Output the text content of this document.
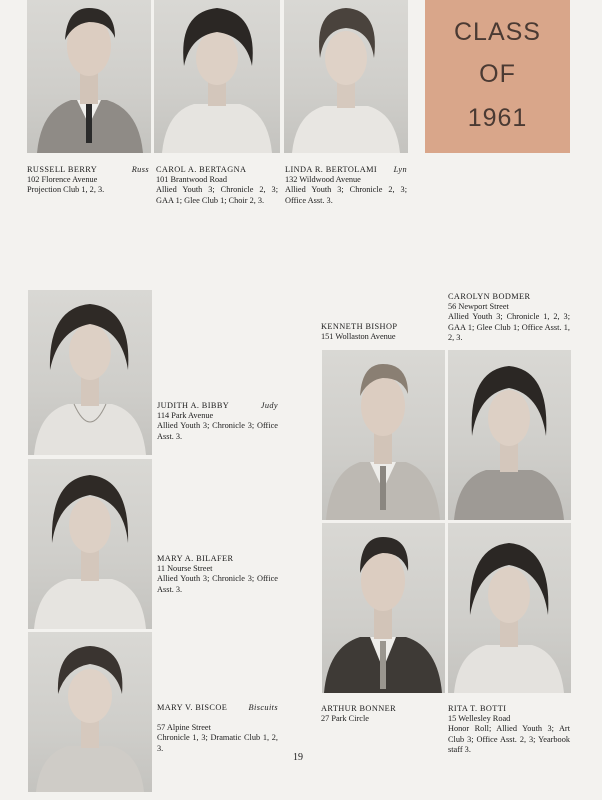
CLASS
OF
1961
RUSSELL BERRY	Russ
102 Florence Avenue
Projection Club 1, 2, 3.
CAROL A. BERTAGNA
101 Brantwood Road
Allied Youth 3; Chronicle 2, 3; GAA 1; Glee Club 1; Choir 2, 3.
LINDA R. BERTOLAMI Lyn
132 Wildwood Avenue
Allied Youth 3; Chronicle 2, 3; Office Asst. 3.
CAROLYN BODMER
56 Newport Street
Allied Youth 3; Chronicle 1, 2, 3; GAA 1; Glee Club 1; Office Asst. 1, 2, 3.
KENNETH BISHOP
151 Wollaston Avenue
JUDITH A. BIBBY	Judy
114 Park Avenue
Allied Youth 3; Chronicle 3; Office Asst. 3.
MARY A. BILAFER
11 Nourse Street
Allied Youth 3; Chronicle 3; Office Asst. 3.
MARY V. BISCOE	Biscuits
57 Alpine Street
Chronicle 1, 3; Dramatic Club 1, 2, 3.
ARTHUR BONNER
27 Park Circle
RITA T. BOTTI
15 Wellesley Road
Honor Roll; Allied Youth 3; Art Club 3; Office Asst. 2, 3; Yearbook staff 3.
19
